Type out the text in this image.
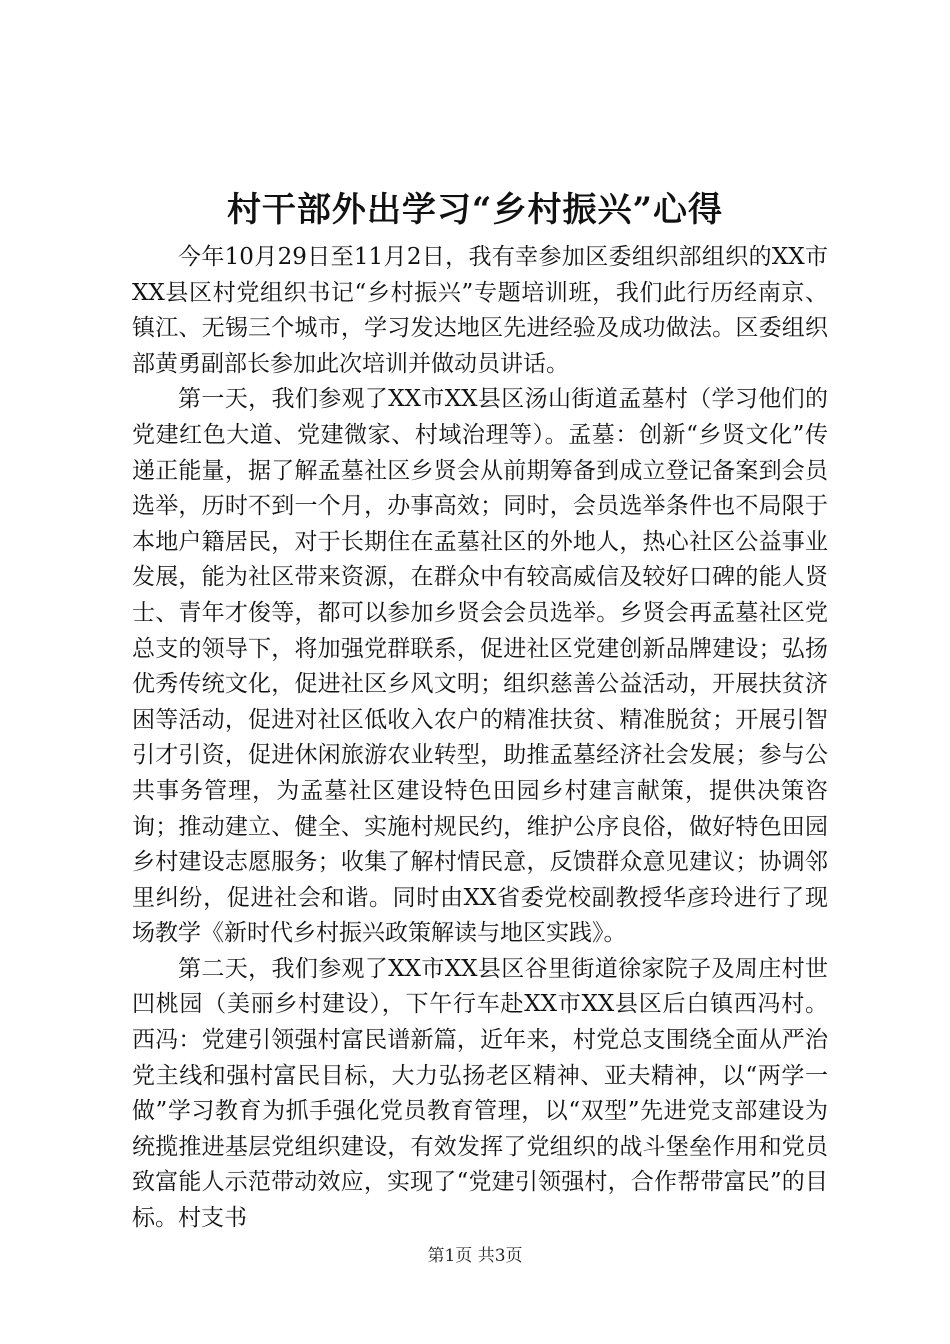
村干部外出学习“乡村振兴”心得

今年10月29日至11月2日，我有幸参加区委组织部组织的XX市XX县区村党组织书记“乡村振兴”专题培训班，我们此行历经南京、镇江、无锡三个城市，学习发达地区先进经验及成功做法。区委组织部黄勇副部长参加此次培训并做动员讲话。

第一天，我们参观了XX市XX县区汤山街道孟墓村（学习他们的党建红色大道、党建微家、村域治理等）。孟墓：创新“乡贤文化”传递正能量，据了解孟墓社区乡贤会从前期筹备到成立登记备案到会员选举，历时不到一个月，办事高效；同时，会员选举条件也不局限于本地户籍居民，对于长期住在孟墓社区的外地人，热心社区公益事业发展，能为社区带来资源，在群众中有较高威信及较好口碑的能人贤士、青年才俊等，都可以参加乡贤会会员选举。乡贤会再孟墓社区党总支的领导下，将加强党群联系，促进社区党建创新品牌建设；弘扬优秀传统文化，促进社区乡风文明；组织慈善公益活动，开展扶贫济困等活动，促进对社区低收入农户的精准扶贫、精准脱贫；开展引智引才引资，促进休闲旅游农业转型，助推孟墓经济社会发展；参与公共事务管理，为孟墓社区建设特色田园乡村建言献策，提供决策咨询；推动建立、健全、实施村规民约，维护公序良俗，做好特色田园乡村建设志愿服务；收集了解村情民意，反馈群众意见建议；协调邻里纠纷，促进社会和谐。同时由XX省委党校副教授华彦玲进行了现场教学《新时代乡村振兴政策解读与地区实践》。

第二天，我们参观了XX市XX县区谷里街道徐家院子及周庄村世凹桃园（美丽乡村建设），下午行车赴XX市XX县区后白镇西冯村。西冯：党建引领强村富民谱新篇，近年来，村党总支围绕全面从严治党主线和强村富民目标，大力弘扬老区精神、亚夫精神，以“两学一做”学习教育为抓手强化党员教育管理，以“双型”先进党支部建设为统揽推进基层党组织建设，有效发挥了党组织的战斗堡垒作用和党员致富能人示范带动效应，实现了“党建引领强村，合作帮带富民”的目标。村支书

第1页 共3页
